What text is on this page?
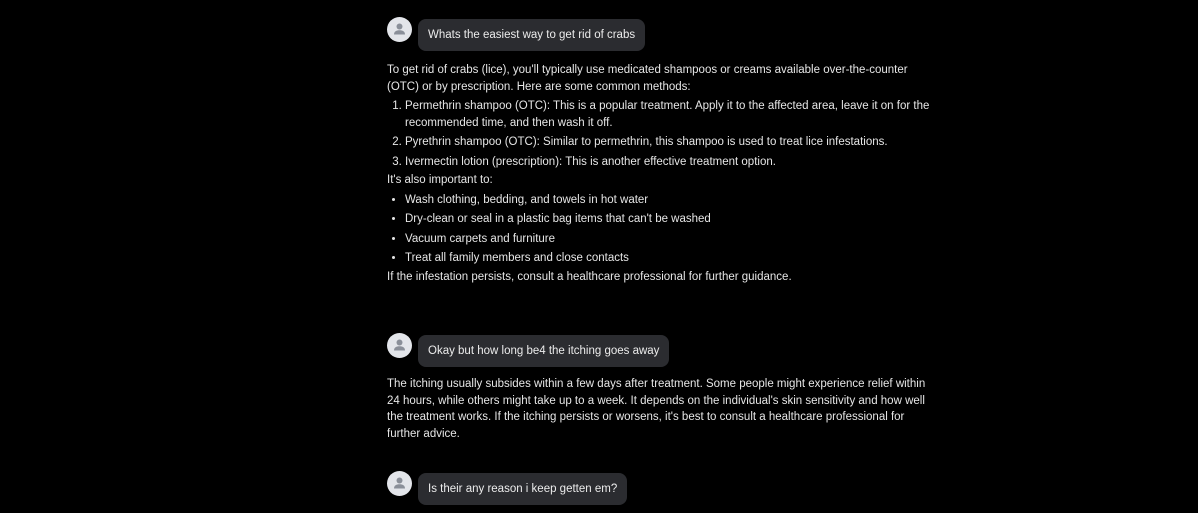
Whats the easiest way to get rid of crabs

To get rid of crabs (lice), you'll typically use medicated shampoos or creams available over-the-counter (OTC) or by prescription. Here are some common methods:

1. Permethrin shampoo (OTC): This is a popular treatment. Apply it to the affected area, leave it on for the recommended time, and then wash it off.
2. Pyrethrin shampoo (OTC): Similar to permethrin, this shampoo is used to treat lice infestations.
3. Ivermectin lotion (prescription): This is another effective treatment option.

It's also important to:

• Wash clothing, bedding, and towels in hot water
• Dry-clean or seal in a plastic bag items that can't be washed
• Vacuum carpets and furniture
• Treat all family members and close contacts

If the infestation persists, consult a healthcare professional for further guidance.

Okay but how long be4 the itching goes away

The itching usually subsides within a few days after treatment. Some people might experience relief within 24 hours, while others might take up to a week. It depends on the individual's skin sensitivity and how well the treatment works. If the itching persists or worsens, it's best to consult a healthcare professional for further advice.

Is their any reason i keep getten em?
